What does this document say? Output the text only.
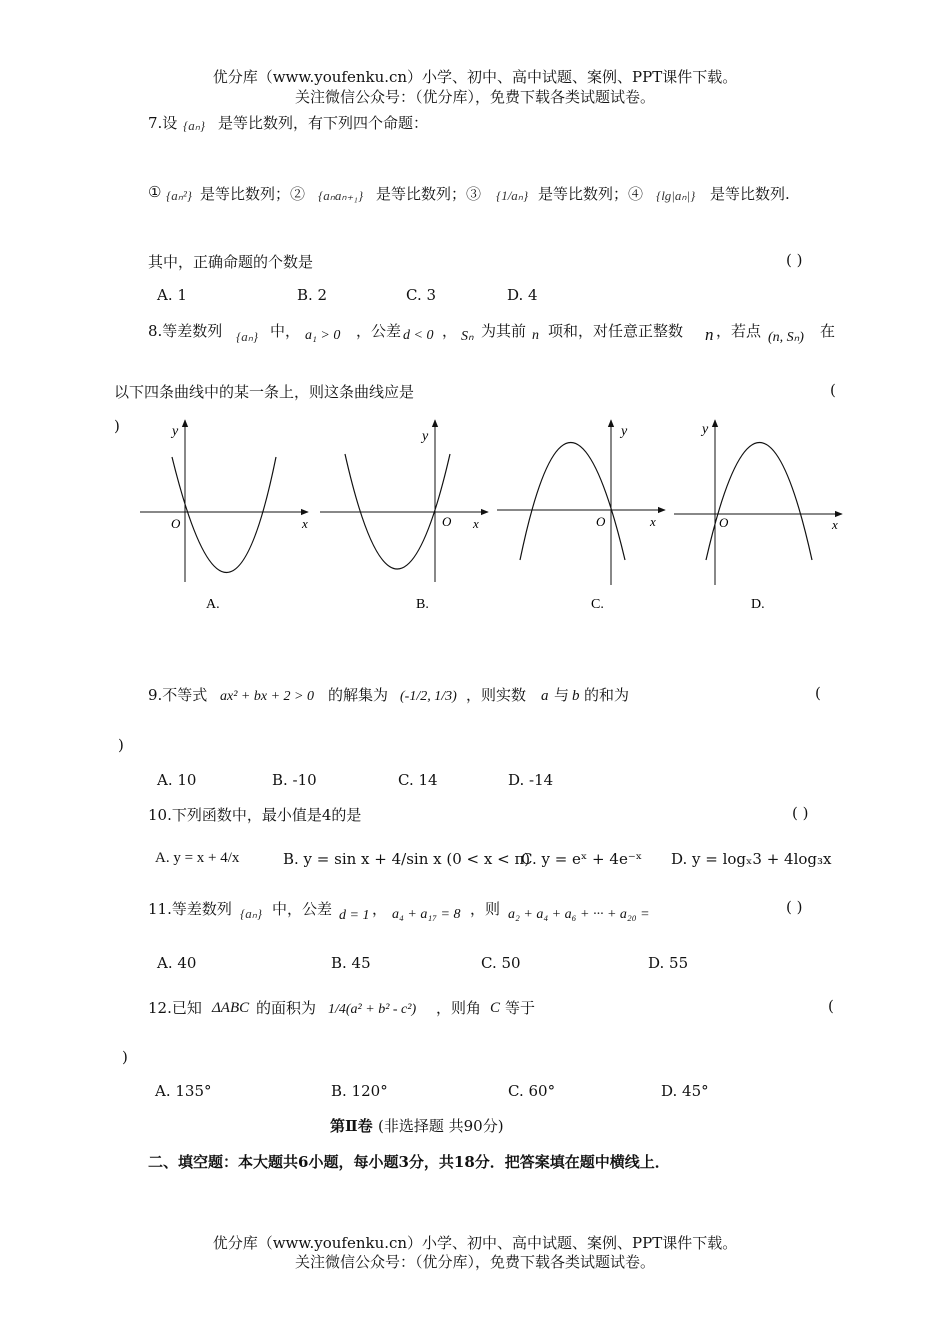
优分库（www.youfenku.cn）小学、初中、高中试题、案例、PPT课件下载。
关注微信公众号：（优分库），免费下载各类试题试卷。
7.设 {aₙ} 是等比数列，有下列四个命题：
① {aₙ²} 是等比数列；② {aₙaₙ₊₁} 是等比数列；③ {1/aₙ} 是等比数列；④ {lg|aₙ|} 是等比数列.
其中，正确命题的个数是	( )
A. 1	B. 2	C. 3	D. 4
8.等差数列 {aₙ} 中， a₁ > 0 ，公差 d < 0 ， Sₙ 为其前 n 项和，对任意正整数 n ，若点 (n, Sₙ) 在
以下四条曲线中的某一条上，则这条曲线应是	(
)	y
x
O
A.
y
x
O
B.
y
x
O
C.
y
x
O
D.
9.不等式 ax² + bx + 2 > 0 的解集为 (-1/2, 1/3) ，则实数 a 与 b 的和为	(
)
A. 10	B. -10	C. 14	D. -14
10.下列函数中，最小值是4的是	( )
A. y = x + 4/x	B. y = sin x + 4/sin x (0 < x < π)
C. y = eˣ + 4e⁻ˣ D. y = logₓ3 + 4log₃x
11.等差数列 {aₙ} 中，公差 d = 1 ， a₄ + a₁₇ = 8 ，则 a₂ + a₄ + a₆ + ··· + a₂₀ =	( )
A. 40	B. 45	C. 50	D. 55
12.已知 ΔABC 的面积为 1/4(a² + b² - c²) ，则角 C 等于	(
)
A. 135°	B. 120°	C. 60°	D. 45°
第Ⅱ卷 (非选择题 共90分)
二、填空题：本大题共6小题，每小题3分，共18分．把答案填在题中横线上．
优分库（www.youfenku.cn）小学、初中、高中试题、案例、PPT课件下载。
关注微信公众号：（优分库），免费下载各类试题试卷。
